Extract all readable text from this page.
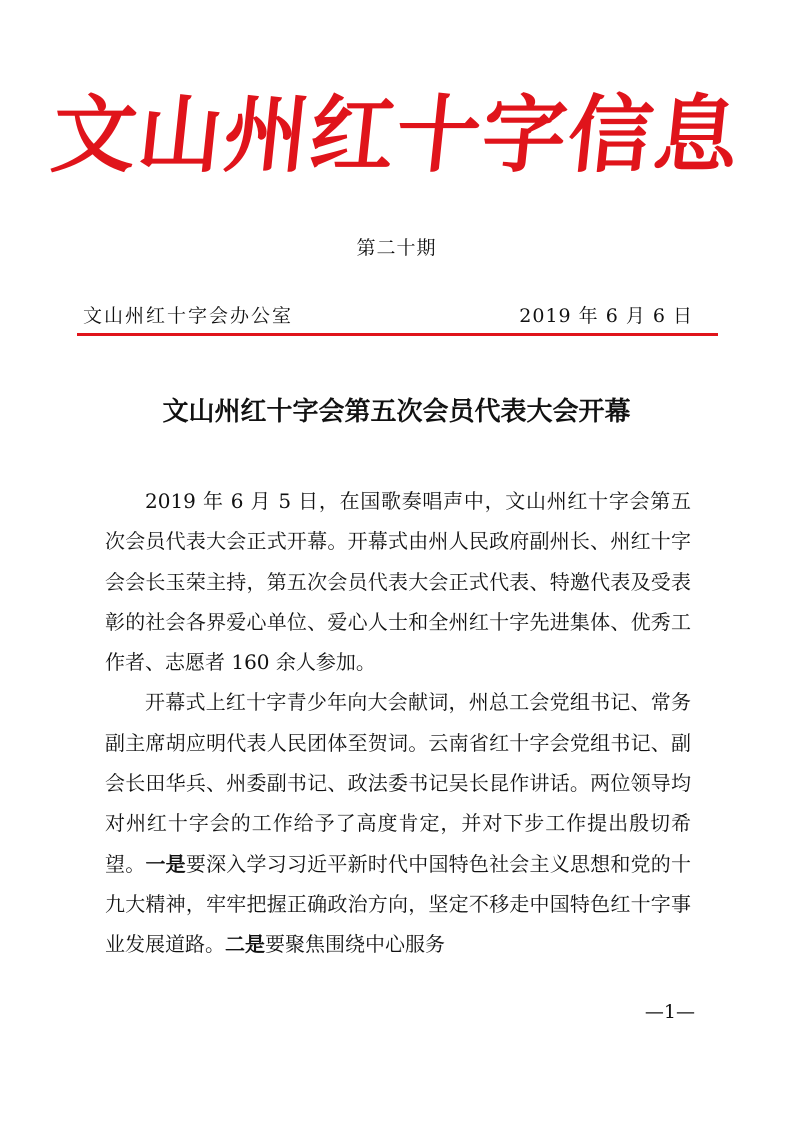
文山州红十字信息
第二十期
文山州红十字会办公室	2019 年 6 月 6 日
文山州红十字会第五次会员代表大会开幕

2019 年 6 月 5 日，在国歌奏唱声中，文山州红十字会第五次会员代表大会正式开幕。开幕式由州人民政府副州长、州红十字会会长玉荣主持，第五次会员代表大会正式代表、特邀代表及受表彰的社会各界爱心单位、爱心人士和全州红十字先进集体、优秀工作者、志愿者 160 余人参加。

开幕式上红十字青少年向大会献词，州总工会党组书记、常务副主席胡应明代表人民团体至贺词。云南省红十字会党组书记、副会长田华兵、州委副书记、政法委书记吴长昆作讲话。两位领导均对州红十字会的工作给予了高度肯定，并对下步工作提出殷切希望。一是要深入学习习近平新时代中国特色社会主义思想和党的十九大精神，牢牢把握正确政治方向，坚定不移走中国特色红十字事业发展道路。二是要聚焦围绕中心服务

—1—
